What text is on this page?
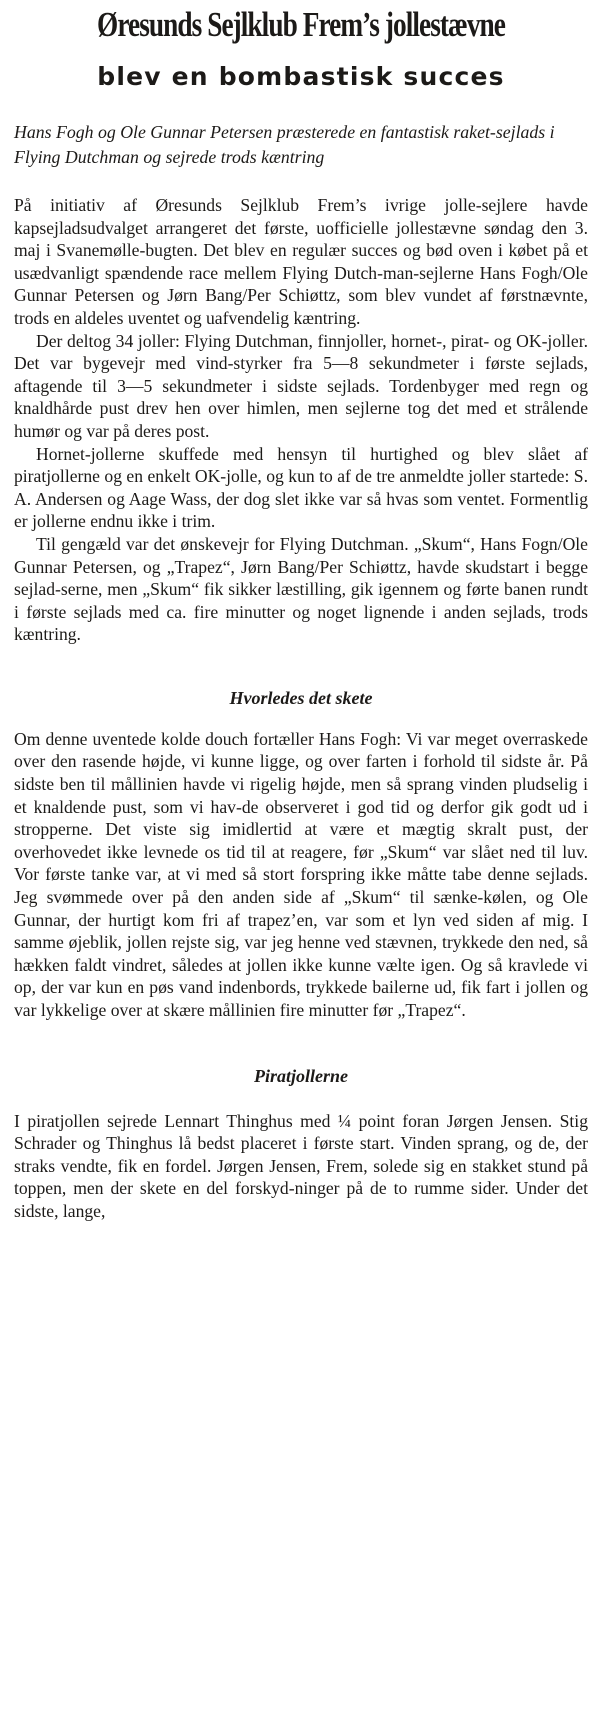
Øresunds Sejlklub Frem’s jollestævne
blev en bombastisk succes

Hans Fogh og Ole Gunnar Petersen præsterede en fantastisk raket-sejlads i Flying Dutchman og sejrede trods kæntring

På initiativ af Øresunds Sejlklub Frem’s ivrige jolle-sejlere havde kapsejladsudvalget arrangeret det første, uofficielle jollestævne søndag den 3. maj i Svanemølle-bugten. Det blev en regulær succes og bød oven i købet på et usædvanligt spændende race mellem Flying Dutch-man-sejlerne Hans Fogh/Ole Gunnar Petersen og Jørn Bang/Per Schiøttz, som blev vundet af førstnævnte, trods en aldeles uventet og uafvendelig kæntring.

Der deltog 34 joller: Flying Dutchman, finnjoller, hornet-, pirat- og OK-joller. Det var bygevejr med vind-styrker fra 5—8 sekundmeter i første sejlads, aftagende til 3—5 sekundmeter i sidste sejlads. Tordenbyger med regn og knaldhårde pust drev hen over himlen, men sejlerne tog det med et strålende humør og var på deres post.

Hornet-jollerne skuffede med hensyn til hurtighed og blev slået af piratjollerne og en enkelt OK-jolle, og kun to af de tre anmeldte joller startede: S. A. Andersen og Aage Wass, der dog slet ikke var så hvas som ventet. Formentlig er jollerne endnu ikke i trim.

Til gengæld var det ønskevejr for Flying Dutchman. „Skum“, Hans Fogn/Ole Gunnar Petersen, og „Trapez“, Jørn Bang/Per Schiøttz, havde skudstart i begge sejlad-serne, men „Skum“ fik sikker læstilling, gik igennem og førte banen rundt i første sejlads med ca. fire minutter og noget lignende i anden sejlads, trods kæntring.

Hvorledes det skete

Om denne uventede kolde douch fortæller Hans Fogh: Vi var meget overraskede over den rasende højde, vi kunne ligge, og over farten i forhold til sidste år. På sidste ben til mållinien havde vi rigelig højde, men så sprang vinden pludselig i et knaldende pust, som vi hav-de observeret i god tid og derfor gik godt ud i stropperne. Det viste sig imidlertid at være et mægtig skralt pust, der overhovedet ikke levnede os tid til at reagere, før „Skum“ var slået ned til luv. Vor første tanke var, at vi med så stort forspring ikke måtte tabe denne sejlads. Jeg svømmede over på den anden side af „Skum“ til sænke-kølen, og Ole Gunnar, der hurtigt kom fri af trapez’en, var som et lyn ved siden af mig. I samme øjeblik, jollen rejste sig, var jeg henne ved stævnen, trykkede den ned, så hækken faldt vindret, således at jollen ikke kunne vælte igen. Og så kravlede vi op, der var kun en pøs vand indenbords, trykkede bailerne ud, fik fart i jollen og var lykkelige over at skære mållinien fire minutter før „Trapez“.

Piratjollerne

I piratjollen sejrede Lennart Thinghus med ¼ point foran Jørgen Jensen. Stig Schrader og Thinghus lå bedst placeret i første start. Vinden sprang, og de, der straks vendte, fik en fordel. Jørgen Jensen, Frem, solede sig en stakket stund på toppen, men der skete en del forskyd-ninger på de to rumme sider. Under det sidste, lange,
